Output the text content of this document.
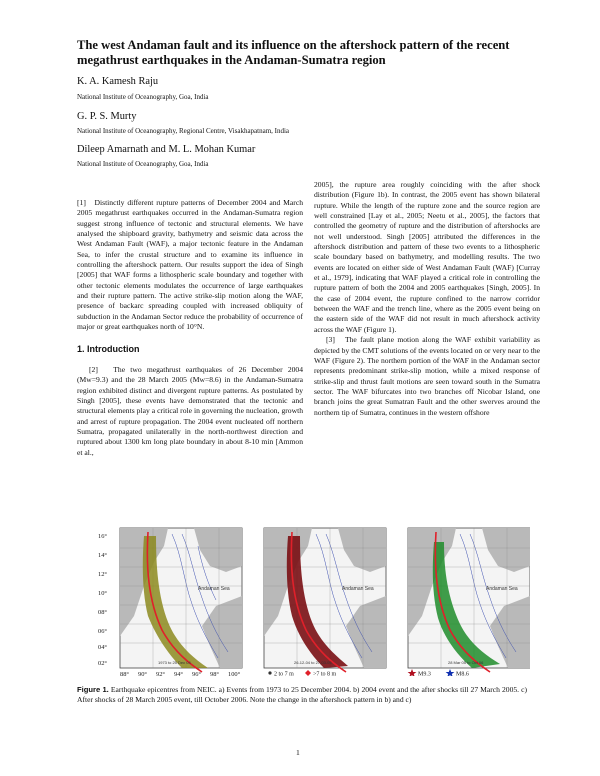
The west Andaman fault and its influence on the aftershock pattern of the recent megathrust earthquakes in the Andaman-Sumatra region

K. A. Kamesh Raju

National Institute of Oceanography, Goa, India

G. P. S. Murty

National Institute of Oceanography, Regional Centre, Visakhapatnam, India

Dileep Amarnath and M. L. Mohan Kumar

National Institute of Oceanography, Goa, India

[1] Distinctly different rupture patterns of December 2004 and March 2005 megathrust earthquakes occurred in the Andaman-Sumatra region suggest strong influence of tectonic and structural elements. We have analysed the shipboard gravity, bathymetry and seismic data across the West Andaman Fault (WAF), a major tectonic feature in the Andaman Sea, to infer the crustal structure and to examine its influence in controlling the aftershock pattern. Our results support the idea of Singh [2005] that WAF forms a lithospheric scale boundary and together with other tectonic elements modulates the occurrence of large earthquakes and their rupture pattern. The active strike-slip motion along the WAF, presence of backarc spreading coupled with increased obliquity of subduction in the Andaman Sector reduce the probability of occurrence of major or great earthquakes north of 10°N.

1. Introduction

[2] The two megathrust earthquakes of 26 December 2004 (Mw=9.3) and the 28 March 2005 (Mw=8.6) in the Andaman-Sumatra region exhibited distinct and divergent rupture patterns. As postulated by Singh [2005], these events have demonstrated that the tectonic and structural elements play a critical role in governing the nucleation, growth and arrest of rupture propagation. The 2004 event nucleated off northern Sumatra, propagated unilaterally in the north-northwest direction and ruptured about 1300 km long plate boundary in about 8-10 min [Ammon et al.,

2005], the rupture area roughly coinciding with the after shock distribution (Figure 1b). In contrast, the 2005 event has shown bilateral rupture. While the length of the rupture zone and the source region are well constrained [Lay et al., 2005; Neetu et al., 2005], the factors that controlled the geometry of rupture and the distribution of aftershocks are not well understood. Singh [2005] attributed the differences in the aftershock distribution and pattern of these two events to a lithospheric scale boundary based on bathymetry, and modelling results. The two events are located on either side of West Andaman Fault (WAF) [Curray et al., 1979], indicating that WAF played a critical role in controlling the rupture pattern of both the 2004 and 2005 earthquakes [Singh, 2005]. In the case of 2004 event, the rupture confined to the narrow corridor between the WAF and the trench line, where as the 2005 event being on the eastern side of the WAF did not result in much aftershock activity across the WAF (Figure 1).

[3] The fault plane motion along the WAF exhibit variability as depicted by the CMT solutions of the events located on or very near to the WAF (Figure 2). The northern portion of the WAF in the Andaman sector represents predominant strike-slip motion, while a mixed response of strike-slip and thrust fault motions are seen toward south in the Sumatra sector. The WAF bifurcates into two branches off Nicobar Island, one branch joins the great Sumatran Fault and the other swerves around the northern tip of Sumatra, continues in the western offshore

16°
14°
12°
10°
08°
06°
04°
02°
Andaman Sea
1973 to 25 Dec 04
Andaman Sea
26-12-04 to 27-03-05
Andaman Sea
28 Mar 05 to Oct 06
88° 90° 92° 94° 96° 98° 100°	2 to 7 m	>7 to 8 m	M9.3	M8.6

Figure 1. Earthquake epicentres from NEIC. a) Events from 1973 to 25 December 2004. b) 2004 event and the after shocks till 27 March 2005. c) After shocks of 28 March 2005 event, till October 2006. Note the change in the aftershock pattern in b) and c)

1
